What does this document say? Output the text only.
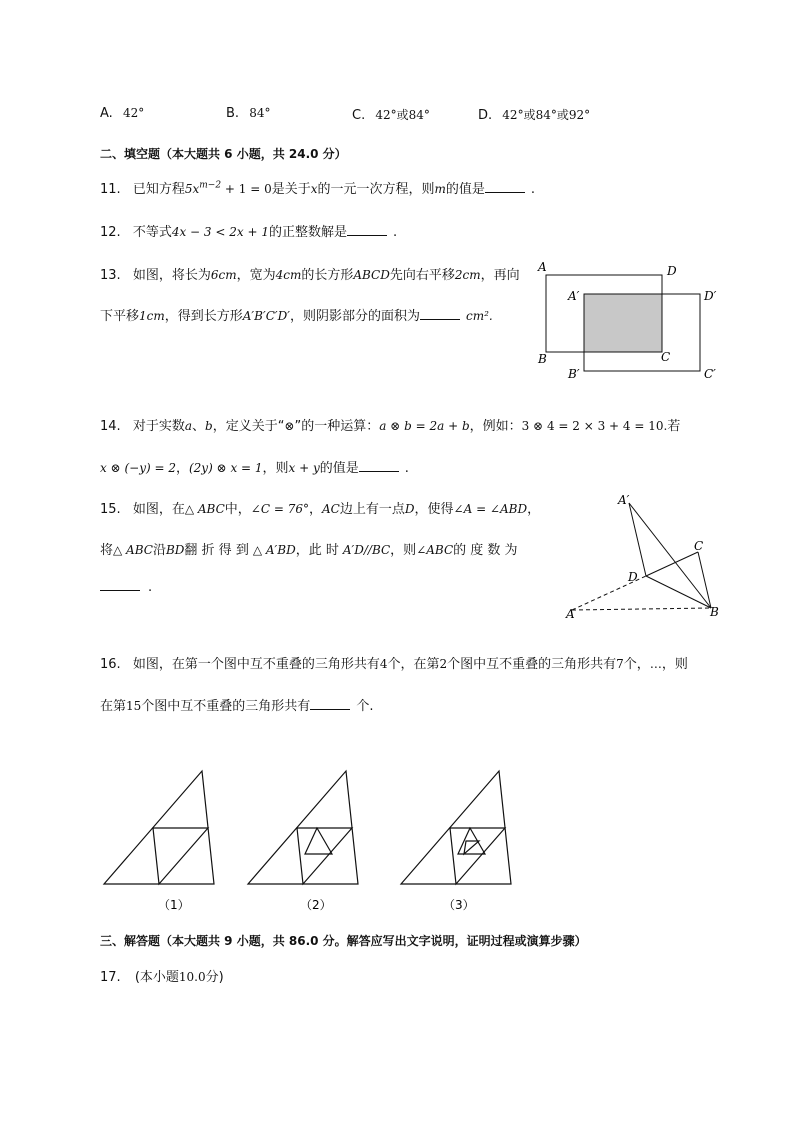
A. 42°	B. 84°	C. 42°或84°	D. 42°或84°或92°
二、填空题（本大题共 6 小题，共 24.0 分）
11. 已知方程$5x^{m-2} + 1 = 0$是关于x的一元一次方程，则m的值是	.
12. 不等式4x − 3 < 2x + 1的正整数解是	.
13. 如图，将长为6cm，宽为4cm的长方形ABCD先向右平移2cm，再向
下平移1cm，得到长方形A′B′C′D′，则阴影部分的面积为	cm².
A	D
B	C
A′	D′
B′	C′
14. 对于实数a、b，定义关于“⊗”的一种运算：a ⊗ b = 2a + b，例如：3 ⊗ 4 = 2 × 3 + 4 = 10.若
x ⊗ (−y) = 2，(2y) ⊗ x = 1，则x + y的值是	.
15. 如图，在△ ABC中，∠C = 76°，AC边上有一点D，使得∠A = ∠ABD，
将△ ABC沿BD翻 折 得 到 △ A′BD，此 时 A′D//BC，则∠ABC的 度 数 为
.
A′
C
D
A	B
16. 如图，在第一个图中互不重叠的三角形共有4个，在第2个图中互不重叠的三角形共有7个，…，则
在第15个图中互不重叠的三角形共有	个.
（1）	（2）	（3）
三、解答题（本大题共 9 小题，共 86.0 分。解答应写出文字说明，证明过程或演算步骤）
17. (本小题10.0分)
